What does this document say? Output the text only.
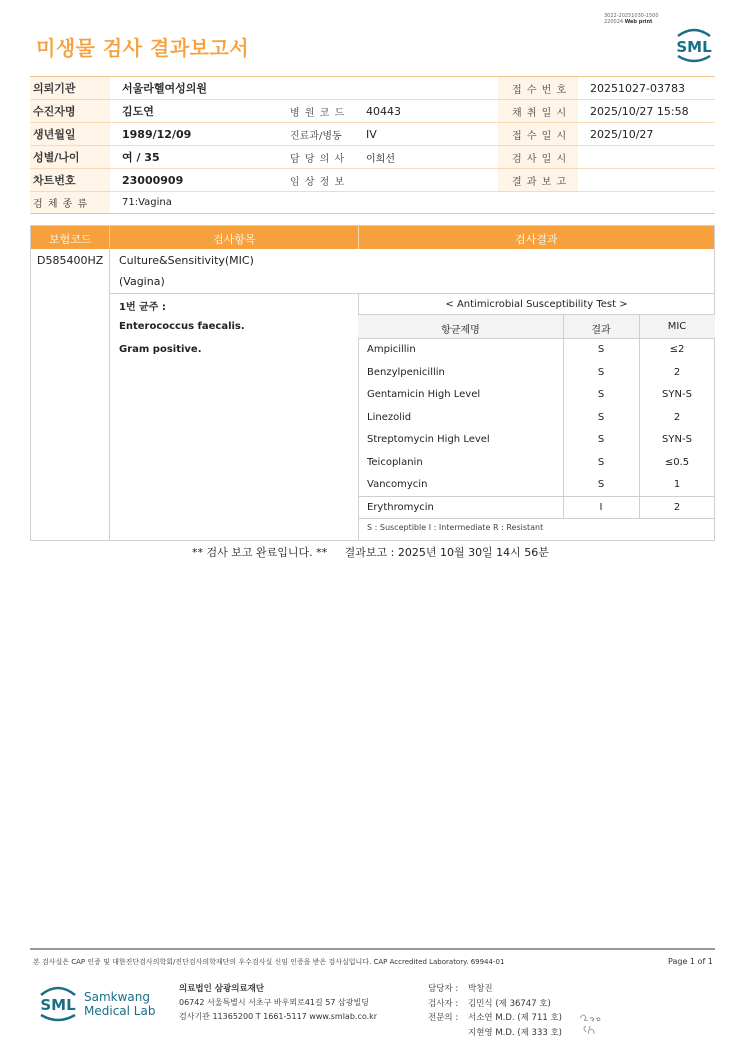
미생물 검사 결과보고서
3022-20251030-1500
220024 Web print
SML
의뢰기관	서울라헬여성의원	접 수 번 호	20251027-03783
수진자명	김도연	병 원 코 드	40443	채 취 일 시	2025/10/27 15:58
생년월일	1989/12/09	진료과/병동	IV	접 수 일 시	2025/10/27
성별/나이	여 / 35	담 당 의 사	이희선	검 사 일 시
차트번호	23000909	임 상 정 보	결 과 보 고
검 체 종 류	71:Vagina
보험코드	검사항목	검사결과
D585400HZ Culture&Sensitivity(MIC)
(Vagina)
1번 균주 :
Enterococcus faecalis.
Gram positive.
< Antimicrobial Susceptibility Test >
항균제명	결과	MIC
Ampicillin	S	≤2
Benzylpenicillin	S	2
Gentamicin High Level	S	SYN-S
Linezolid	S	2
Streptomycin High Level	S	SYN-S
Teicoplanin	S	≤0.5
Vancomycin	S	1
Erythromycin	I	2
S : Susceptible I : Intermediate R : Resistant
** 검사 보고 완료입니다. ** 결과보고 : 2025년 10월 30일 14시 56분
본 검사실은 CAP 인증 및 대한진단검사의학회/진단검사의학재단의 우수검사실 신임 인증을 받은 검사실입니다. CAP Accredited Laboratory. 69944-01	Page 1 of 1
SML Samkwang
Medical Lab
의료법인 삼광의료재단
06742 서울특별시 서초구 바우뫼로41길 57 삼광빌딩
검사기관 11365200 T 1661-5117 www.smlab.co.kr
담당자 :	박창진
검사자 :	김민식 (제 36747 호)
전문의 :	서소연 M.D. (제 711 호)
지현영 M.D. (제 333 호)
